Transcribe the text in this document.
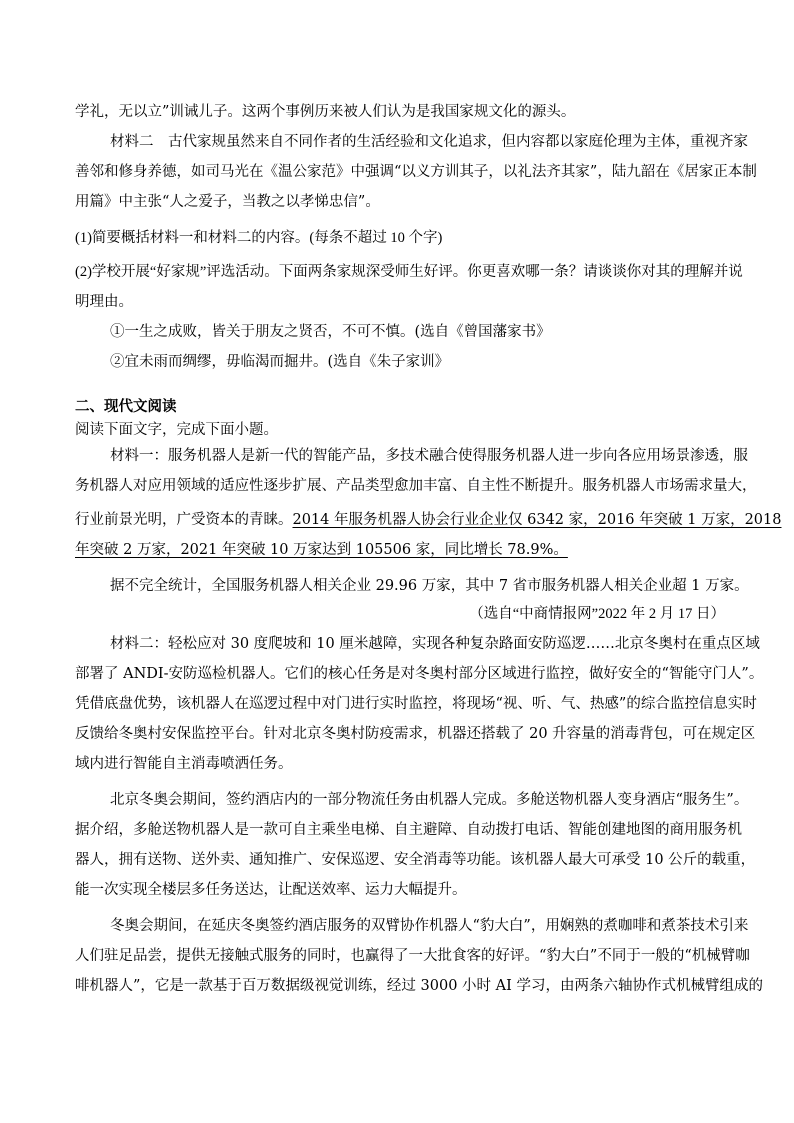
学礼，无以立”训诫儿子。这两个事例历来被人们认为是我国家规文化的源头。
材料二　古代家规虽然来自不同作者的生活经验和文化追求，但内容都以家庭伦理为主体，重视齐家
善邻和修身养德，如司马光在《温公家范》中强调“以义方训其子，以礼法齐其家”，陆九韶在《居家正本制
用篇》中主张“人之爱子，当教之以孝悌忠信”。
(1)简要概括材料一和材料二的内容。(每条不超过 10 个字)
(2)学校开展“好家规”评选活动。下面两条家规深受师生好评。你更喜欢哪一条？请谈谈你对其的理解并说
明理由。
①一生之成败，皆关于朋友之贤否，不可不慎。(选自《曾国藩家书》
②宜未雨而绸缪，毋临渴而掘井。(选自《朱子家训》
二、现代文阅读
阅读下面文字，完成下面小题。
材料一：服务机器人是新一代的智能产品，多技术融合使得服务机器人进一步向各应用场景渗透，服
务机器人对应用领域的适应性逐步扩展、产品类型愈加丰富、自主性不断提升。服务机器人市场需求量大，
行业前景光明，广受资本的青睐。2014 年服务机器人协会行业企业仅 6342 家，2016 年突破 1 万家，2018
年突破 2 万家，2021 年突破 10 万家达到 105506 家，同比增长 78.9%。
据不完全统计，全国服务机器人相关企业 29.96 万家，其中 7 省市服务机器人相关企业超 1 万家。
（选自“中商情报网”2022 年 2 月 17 日）
材料二：轻松应对 30 度爬坡和 10 厘米越障，实现各种复杂路面安防巡逻……北京冬奥村在重点区域
部署了 ANDI-安防巡检机器人。它们的核心任务是对冬奥村部分区域进行监控，做好安全的“智能守门人”。
凭借底盘优势，该机器人在巡逻过程中对门进行实时监控，将现场“视、听、气、热感”的综合监控信息实时
反馈给冬奥村安保监控平台。针对北京冬奥村防疫需求，机器还搭载了 20 升容量的消毒背包，可在规定区
域内进行智能自主消毒喷洒任务。
北京冬奥会期间，签约酒店内的一部分物流任务由机器人完成。多舱送物机器人变身酒店“服务生”。
据介绍，多舱送物机器人是一款可自主乘坐电梯、自主避障、自动拨打电话、智能创建地图的商用服务机
器人，拥有送物、送外卖、通知推广、安保巡逻、安全消毒等功能。该机器人最大可承受 10 公斤的载重，
能一次实现全楼层多任务送达，让配送效率、运力大幅提升。
冬奥会期间，在延庆冬奥签约酒店服务的双臂协作机器人“豹大白”，用娴熟的煮咖啡和煮茶技术引来
人们驻足品尝，提供无接触式服务的同时，也赢得了一大批食客的好评。“豹大白”不同于一般的“机械臂咖
啡机器人”，它是一款基于百万数据级视觉训练，经过 3000 小时 AI 学习，由两条六轴协作式机械臂组成的
